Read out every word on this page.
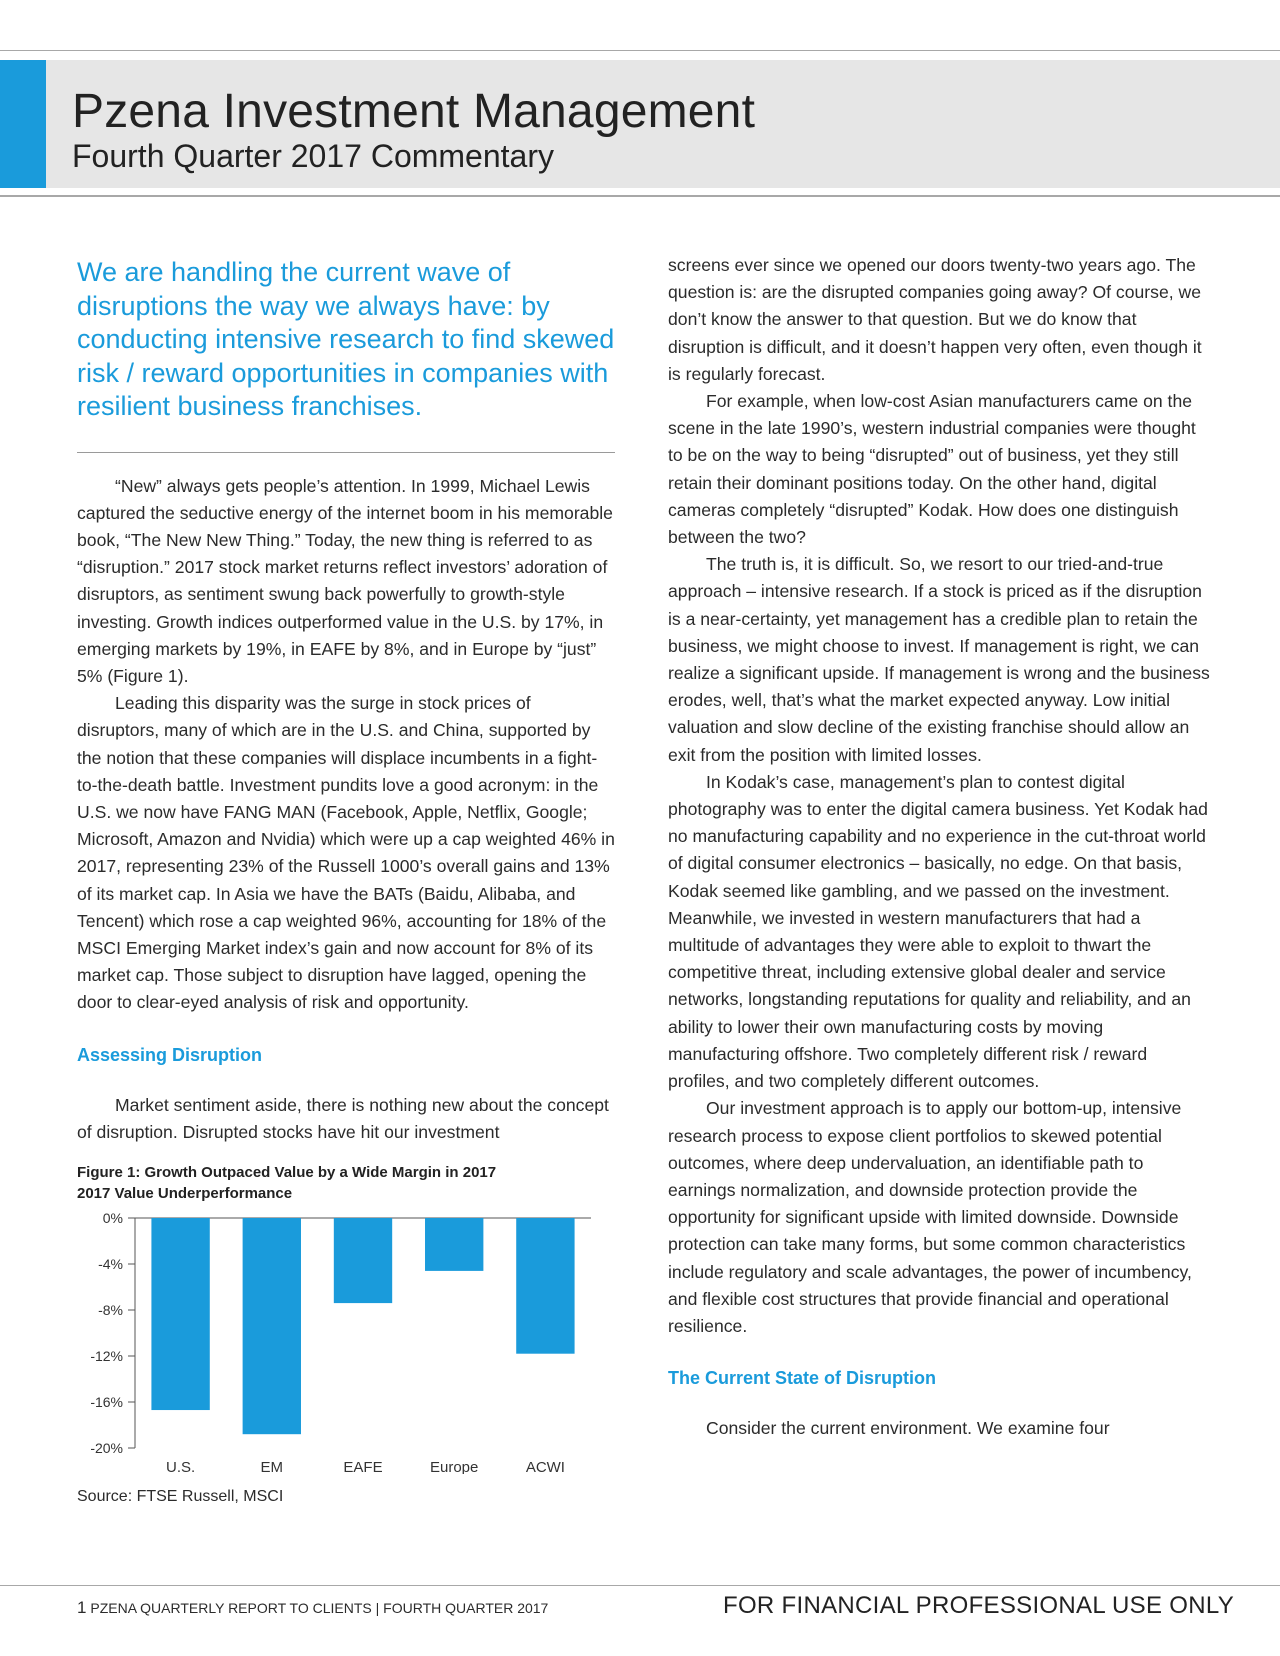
Pzena Investment Management
Fourth Quarter 2017 Commentary

We are handling the current wave of disruptions the way we always have: by conducting intensive research to find skewed risk / reward opportunities in companies with resilient business franchises.

“New” always gets people’s attention. In 1999, Michael Lewis captured the seductive energy of the internet boom in his memorable book, “The New New Thing.” Today, the new thing is referred to as “disruption.” 2017 stock market returns reflect investors’ adoration of disruptors, as sentiment swung back powerfully to growth-style investing. Growth indices outperformed value in the U.S. by 17%, in emerging markets by 19%, in EAFE by 8%, and in Europe by “just” 5% (Figure 1).

Leading this disparity was the surge in stock prices of disruptors, many of which are in the U.S. and China, supported by the notion that these companies will displace incumbents in a fight-to-the-death battle. Investment pundits love a good acronym: in the U.S. we now have FANG MAN (Facebook, Apple, Netflix, Google; Microsoft, Amazon and Nvidia) which were up a cap weighted 46% in 2017, representing 23% of the Russell 1000’s overall gains and 13% of its market cap. In Asia we have the BATs (Baidu, Alibaba, and Tencent) which rose a cap weighted 96%, accounting for 18% of the MSCI Emerging Market index’s gain and now account for 8% of its market cap. Those subject to disruption have lagged, opening the door to clear-eyed analysis of risk and opportunity.

Assessing Disruption

Market sentiment aside, there is nothing new about the concept of disruption. Disrupted stocks have hit our investment

Figure 1: Growth Outpaced Value by a Wide Margin in 2017

2017 Value Underperformance

0%
-4%
-8%
-12%
-16%
-20%
U.S.	EM	EAFE	Europe	ACWI

Source: FTSE Russell, MSCI

screens ever since we opened our doors twenty-two years ago. The question is: are the disrupted companies going away? Of course, we don’t know the answer to that question. But we do know that disruption is difficult, and it doesn’t happen very often, even though it is regularly forecast.

For example, when low-cost Asian manufacturers came on the scene in the late 1990’s, western industrial companies were thought to be on the way to being “disrupted” out of business, yet they still retain their dominant positions today. On the other hand, digital cameras completely “disrupted” Kodak. How does one distinguish between the two?

The truth is, it is difficult. So, we resort to our tried-and-true approach – intensive research. If a stock is priced as if the disruption is a near-certainty, yet management has a credible plan to retain the business, we might choose to invest. If management is right, we can realize a significant upside. If management is wrong and the business erodes, well, that’s what the market expected anyway. Low initial valuation and slow decline of the existing franchise should allow an exit from the position with limited losses.

In Kodak’s case, management’s plan to contest digital photography was to enter the digital camera business. Yet Kodak had no manufacturing capability and no experience in the cut-throat world of digital consumer electronics – basically, no edge. On that basis, Kodak seemed like gambling, and we passed on the investment. Meanwhile, we invested in western manufacturers that had a multitude of advantages they were able to exploit to thwart the competitive threat, including extensive global dealer and service networks, longstanding reputations for quality and reliability, and an ability to lower their own manufacturing costs by moving manufacturing offshore. Two completely different risk / reward profiles, and two completely different outcomes.

Our investment approach is to apply our bottom-up, intensive research process to expose client portfolios to skewed potential outcomes, where deep undervaluation, an identifiable path to earnings normalization, and downside protection provide the opportunity for significant upside with limited downside. Downside protection can take many forms, but some common characteristics include regulatory and scale advantages, the power of incumbency, and flexible cost structures that provide financial and operational resilience.

The Current State of Disruption

Consider the current environment. We examine four

1 PZENA QUARTERLY REPORT TO CLIENTS | FOURTH QUARTER 2017	FOR FINANCIAL PROFESSIONAL USE ONLY
